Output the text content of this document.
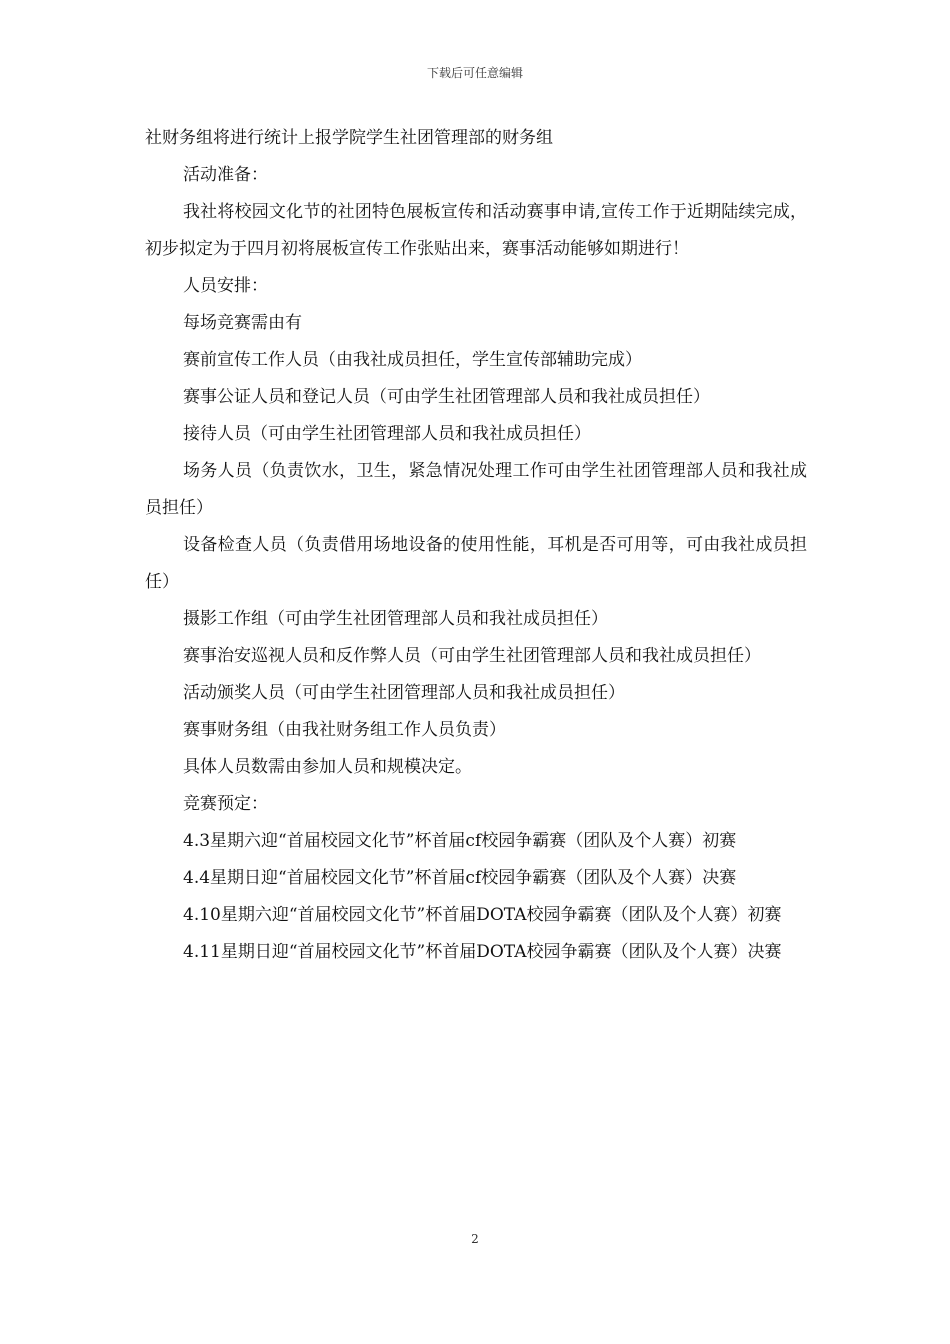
下载后可任意编辑

社财务组将进行统计上报学院学生社团管理部的财务组

活动准备：

我社将校园文化节的社团特色展板宣传和活动赛事申请,宣传工作于近期陆续完成，初步拟定为于四月初将展板宣传工作张贴出来，赛事活动能够如期进行！

人员安排：

每场竞赛需由有

赛前宣传工作人员（由我社成员担任，学生宣传部辅助完成）

赛事公证人员和登记人员（可由学生社团管理部人员和我社成员担任）

接待人员（可由学生社团管理部人员和我社成员担任）

场务人员（负责饮水，卫生，紧急情况处理工作可由学生社团管理部人员和我社成员担任）

设备检查人员（负责借用场地设备的使用性能，耳机是否可用等，可由我社成员担任）

摄影工作组（可由学生社团管理部人员和我社成员担任）

赛事治安巡视人员和反作弊人员（可由学生社团管理部人员和我社成员担任）

活动颁奖人员（可由学生社团管理部人员和我社成员担任）

赛事财务组（由我社财务组工作人员负责）

具体人员数需由参加人员和规模决定。

竞赛预定：

4.3星期六迎“首届校园文化节”杯首届cf校园争霸赛（团队及个人赛）初赛

4.4星期日迎“首届校园文化节”杯首届cf校园争霸赛（团队及个人赛）决赛

4.10星期六迎“首届校园文化节”杯首届DOTA校园争霸赛（团队及个人赛）初赛

4.11星期日迎“首届校园文化节”杯首届DOTA校园争霸赛（团队及个人赛）决赛

2
